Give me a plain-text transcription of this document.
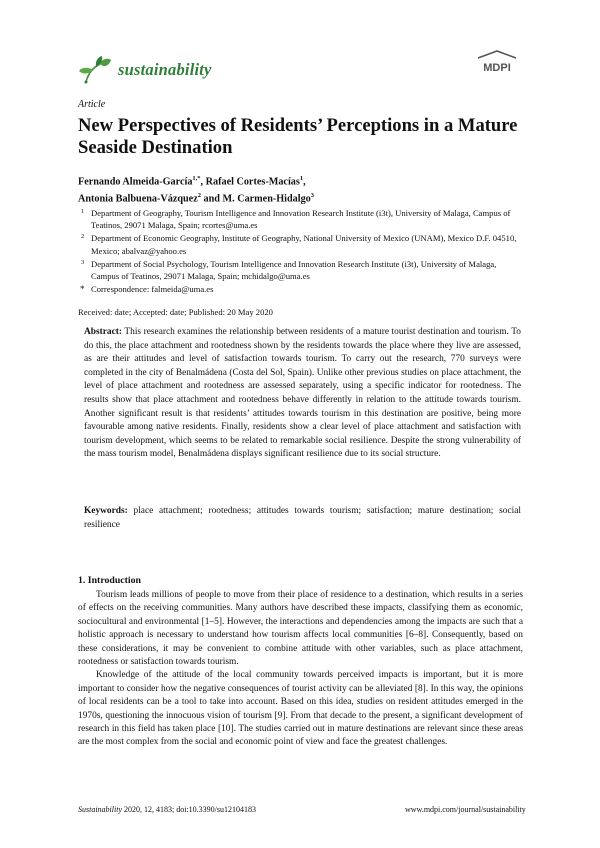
sustainability	MDPI
Article
New Perspectives of Residents’ Perceptions in a Mature Seaside Destination
Fernando Almeida-García$^{1,*}$, Rafael Cortes-Macías$^1$,
Antonia Balbuena-Vázquez$^2$ and M. Carmen-Hidalgo$^3$
1 Department of Geography, Tourism Intelligence and Innovation Research Institute (i3t), University of Malaga, Campus of Teatinos, 29071 Malaga, Spain; rcortes@uma.es
2 Department of Economic Geography, Institute of Geography, National University of Mexico (UNAM), Mexico D.F. 04510, Mexico; abalvaz@yahoo.es
3 Department of Social Psychology, Tourism Intelligence and Innovation Research Institute (i3t), University of Malaga, Campus of Teatinos, 29071 Malaga, Spain; mchidalgo@uma.es
* Correspondence: falmeida@uma.es
Received: date; Accepted: date; Published: 20 May 2020
Abstract: This research examines the relationship between residents of a mature tourist destination and tourism. To do this, the place attachment and rootedness shown by the residents towards the place where they live are assessed, as are their attitudes and level of satisfaction towards tourism. To carry out the research, 770 surveys were completed in the city of Benalmádena (Costa del Sol, Spain). Unlike other previous studies on place attachment, the level of place attachment and rootedness are assessed separately, using a specific indicator for rootedness. The results show that place attachment and rootedness behave differently in relation to the attitude towards tourism. Another significant result is that residents’ attitudes towards tourism in this destination are positive, being more favourable among native residents. Finally, residents show a clear level of place attachment and satisfaction with tourism development, which seems to be related to remarkable social resilience. Despite the strong vulnerability of the mass tourism model, Benalmádena displays significant resilience due to its social structure.
Keywords: place attachment; rootedness; attitudes towards tourism; satisfaction; mature destination; social resilience
1. Introduction

Tourism leads millions of people to move from their place of residence to a destination, which results in a series of effects on the receiving communities. Many authors have described these impacts, classifying them as economic, sociocultural and environmental [1–5]. However, the interactions and dependencies among the impacts are such that a holistic approach is necessary to understand how tourism affects local communities [6–8]. Consequently, based on these considerations, it may be convenient to combine attitude with other variables, such as place attachment, rootedness or satisfaction towards tourism.

Knowledge of the attitude of the local community towards perceived impacts is important, but it is more important to consider how the negative consequences of tourist activity can be alleviated [8]. In this way, the opinions of local residents can be a tool to take into account. Based on this idea, studies on resident attitudes emerged in the 1970s, questioning the innocuous vision of tourism [9]. From that decade to the present, a significant development of research in this field has taken place [10]. The studies carried out in mature destinations are relevant since these areas are the most complex from the social and economic point of view and face the greatest challenges.

Sustainability 2020, 12, 4183; doi:10.3390/su12104183	www.mdpi.com/journal/sustainability
